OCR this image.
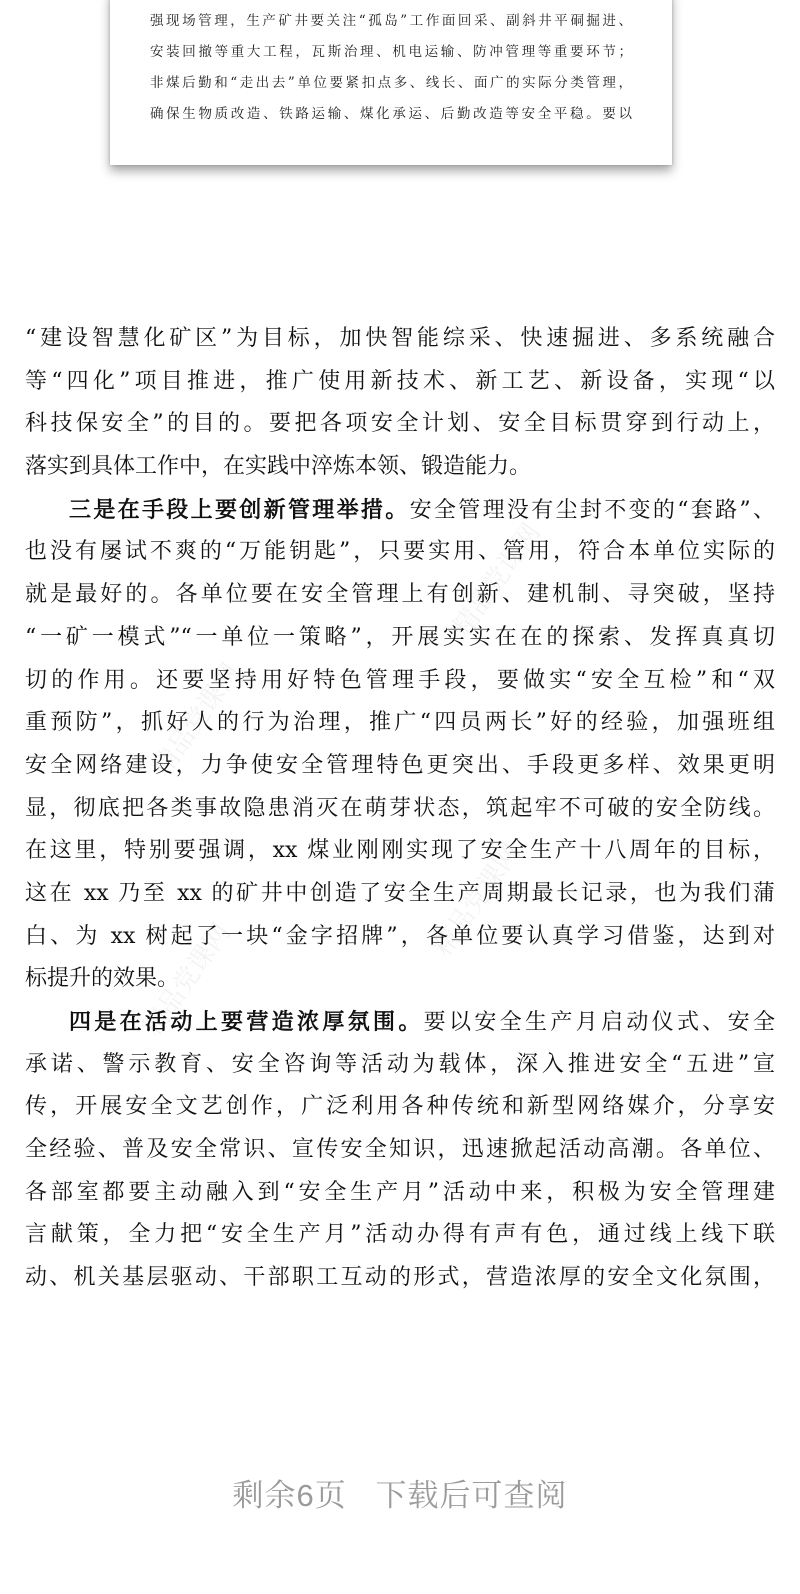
强现场管理，生产矿井要关注“孤岛”工作面回采、副斜井平硐掘进、
安装回撤等重大工程，瓦斯治理、机电运输、防冲管理等重要环节；
非煤后勤和“走出去”单位要紧扣点多、线长、面广的实际分类管理，
确保生物质改造、铁路运输、煤化承运、后勤改造等安全平稳。要以
精品党课网
精品党课网
精品党课网
精品党课网
“建设智慧化矿区”为目标，加快智能综采、快速掘进、多系统融合
等“四化”项目推进，推广使用新技术、新工艺、新设备，实现“以
科技保安全”的目的。要把各项安全计划、安全目标贯穿到行动上，
落实到具体工作中，在实践中淬炼本领、锻造能力。
三是在手段上要创新管理举措。安全管理没有尘封不变的“套路”、
也没有屡试不爽的“万能钥匙”，只要实用、管用，符合本单位实际的
就是最好的。各单位要在安全管理上有创新、建机制、寻突破，坚持
“一矿一模式”“一单位一策略”，开展实实在在的探索、发挥真真切
切的作用。还要坚持用好特色管理手段，要做实“安全互检”和“双
重预防”，抓好人的行为治理，推广“四员两长”好的经验，加强班组
安全网络建设，力争使安全管理特色更突出、手段更多样、效果更明
显，彻底把各类事故隐患消灭在萌芽状态，筑起牢不可破的安全防线。
在这里，特别要强调，xx 煤业刚刚实现了安全生产十八周年的目标，
这在 xx 乃至 xx 的矿井中创造了安全生产周期最长记录，也为我们蒲
白、为 xx 树起了一块“金字招牌”，各单位要认真学习借鉴，达到对
标提升的效果。
四是在活动上要营造浓厚氛围。要以安全生产月启动仪式、安全
承诺、警示教育、安全咨询等活动为载体，深入推进安全“五进”宣
传，开展安全文艺创作，广泛利用各种传统和新型网络媒介，分享安
全经验、普及安全常识、宣传安全知识，迅速掀起活动高潮。各单位、
各部室都要主动融入到“安全生产月”活动中来，积极为安全管理建
言献策，全力把“安全生产月”活动办得有声有色，通过线上线下联
动、机关基层驱动、干部职工互动的形式，营造浓厚的安全文化氛围，
剩余6页 下载后可查阅
